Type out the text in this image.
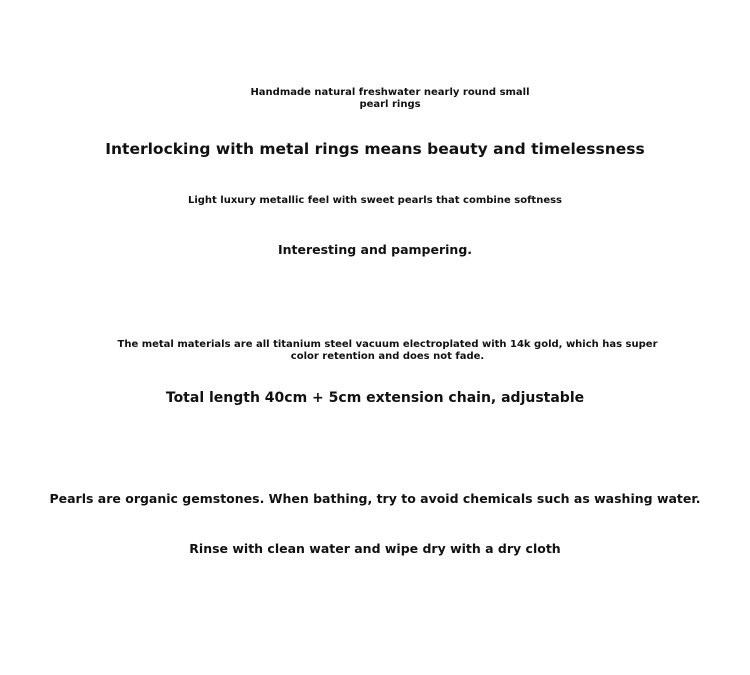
Handmade natural freshwater nearly round small pearl rings
Interlocking with metal rings means beauty and timelessness
Light luxury metallic feel with sweet pearls that combine softness
Interesting and pampering.
The metal materials are all titanium steel vacuum electroplated with 14k gold, which has super color retention and does not fade.
Total length 40cm + 5cm extension chain, adjustable
Pearls are organic gemstones. When bathing, try to avoid chemicals such as washing water.
Rinse with clean water and wipe dry with a dry cloth
